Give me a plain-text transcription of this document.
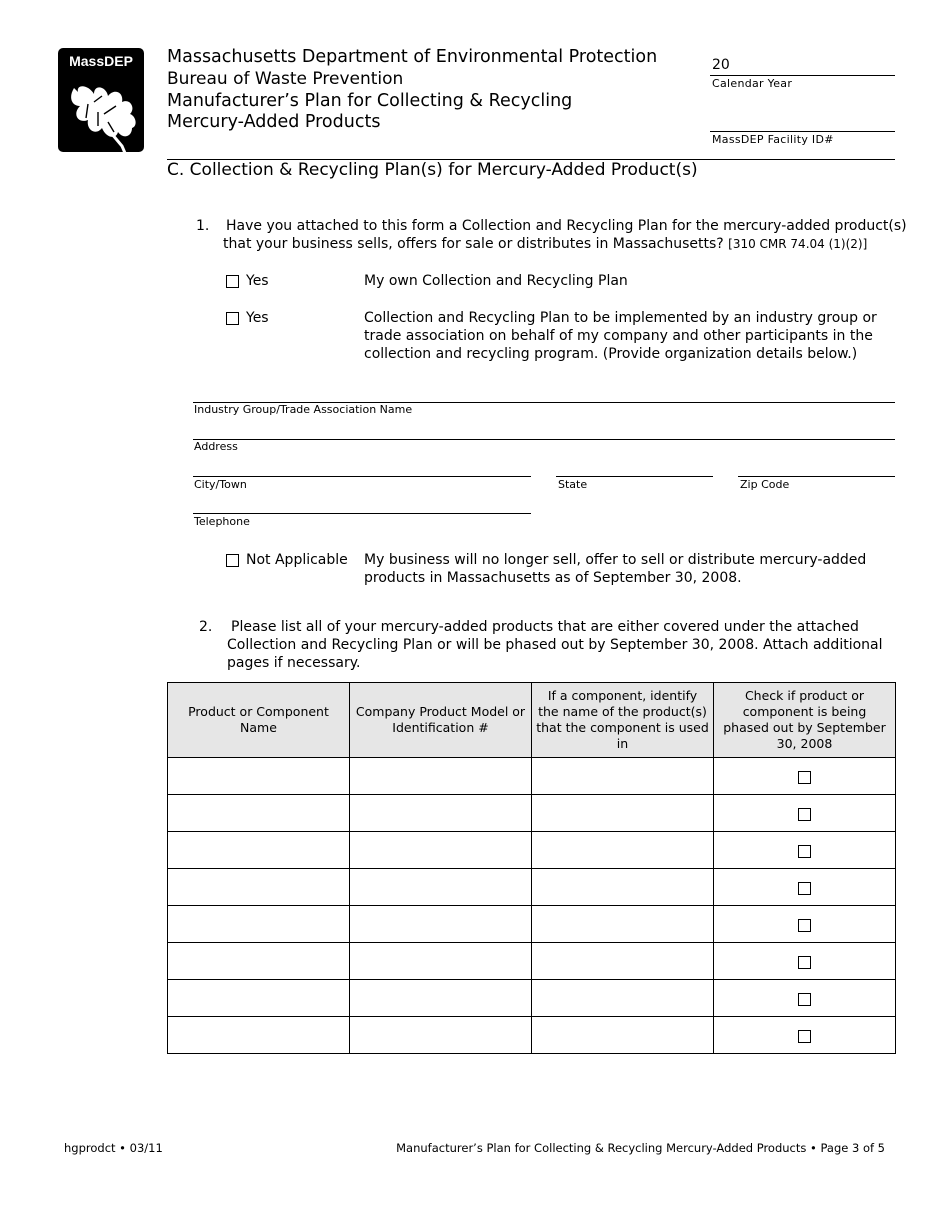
MassDEP Massachusetts Department of Environmental Protection
Bureau of Waste Prevention
Manufacturer’s Plan for Collecting & Recycling
Mercury-Added Products
20
Calendar Year
MassDEP Facility ID#
C. Collection & Recycling Plan(s) for Mercury-Added Product(s)
1. Have you attached to this form a Collection and Recycling Plan for the mercury-added product(s)
that your business sells, offers for sale or distributes in Massachusetts? [310 CMR 74.04 (1)(2)]
Yes	My own Collection and Recycling Plan
Yes	Collection and Recycling Plan to be implemented by an industry group or
trade association on behalf of my company and other participants in the
collection and recycling program. (Provide organization details below.)
Industry Group/Trade Association Name
Address
City/Town	State	Zip Code
Telephone
Not Applicable My business will no longer sell, offer to sell or distribute mercury-added
products in Massachusetts as of September 30, 2008.
2. Please list all of your mercury-added products that are either covered under the attached
Collection and Recycling Plan or will be phased out by September 30, 2008. Attach additional
pages if necessary.
Product or Component Name	Company Product Model or Identification #	If a component, identify the name of the product(s) that the component is used in	Check if product or component is being phased out by September 30, 2008

hgprodct • 03/11	Manufacturer’s Plan for Collecting & Recycling Mercury-Added Products • Page 3 of 5
